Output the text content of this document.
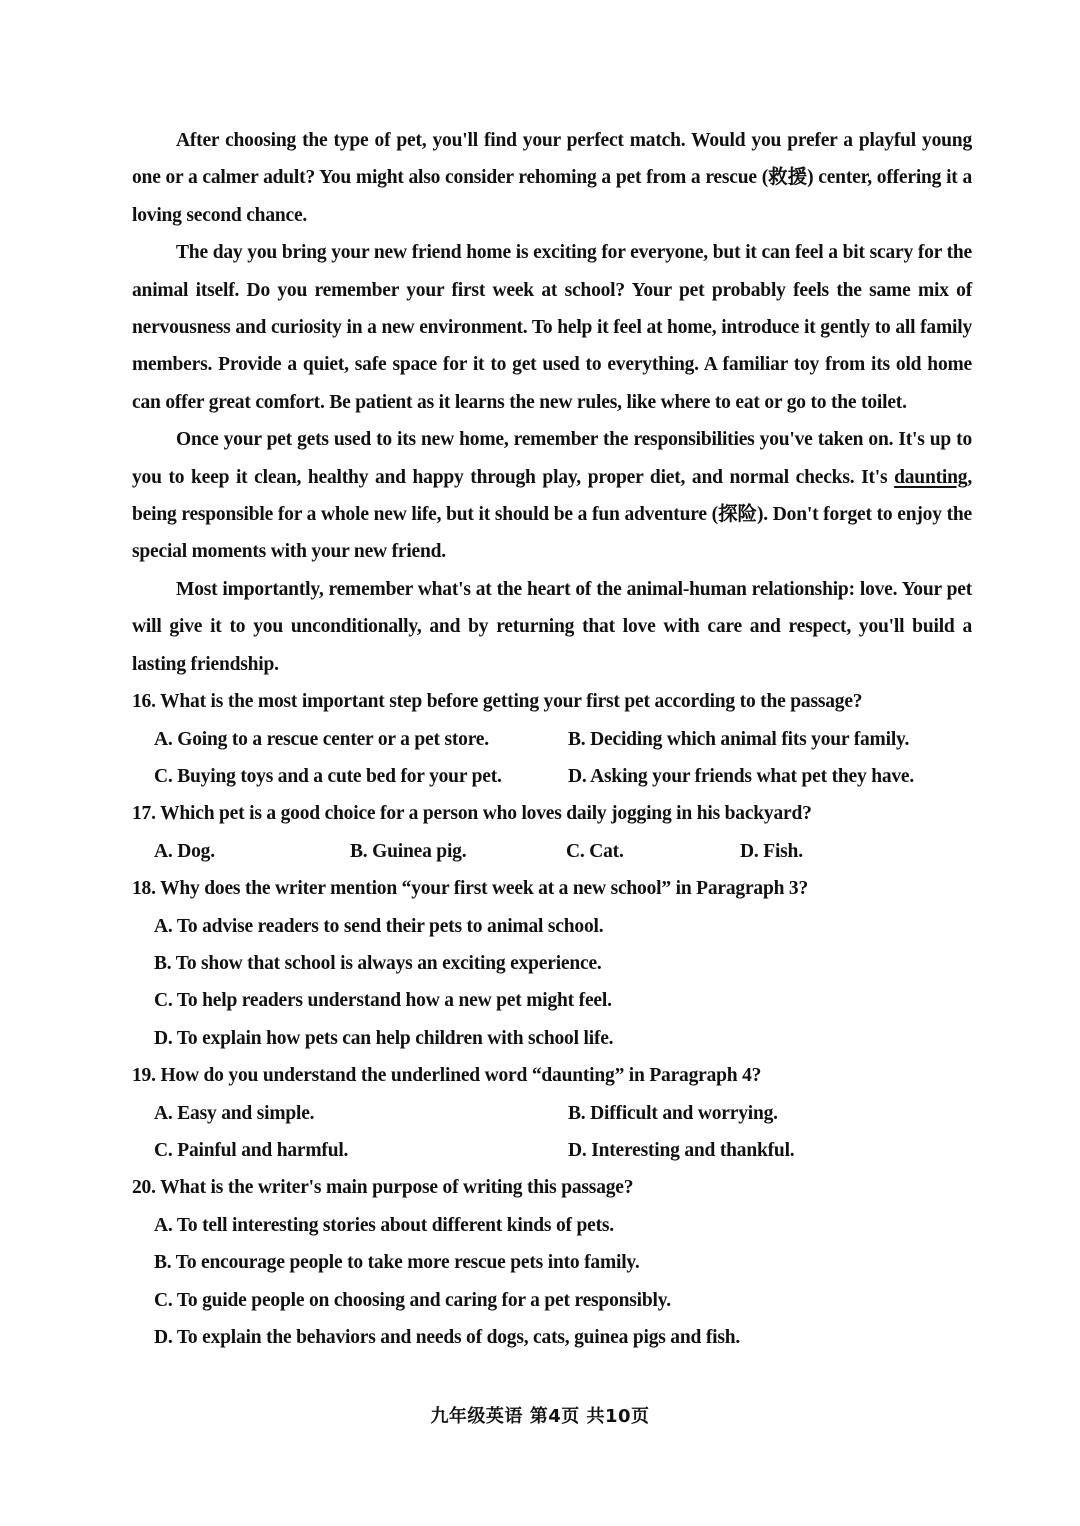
After choosing the type of pet, you'll find your perfect match. Would you prefer a playful young one or a calmer adult? You might also consider rehoming a pet from a rescue (救援) center, offering it a loving second chance.

The day you bring your new friend home is exciting for everyone, but it can feel a bit scary for the animal itself. Do you remember your first week at school? Your pet probably feels the same mix of nervousness and curiosity in a new environment. To help it feel at home, introduce it gently to all family members. Provide a quiet, safe space for it to get used to everything. A familiar toy from its old home can offer great comfort. Be patient as it learns the new rules, like where to eat or go to the toilet.

Once your pet gets used to its new home, remember the responsibilities you've taken on. It's up to you to keep it clean, healthy and happy through play, proper diet, and normal checks. It's daunting, being responsible for a whole new life, but it should be a fun adventure (探险). Don't forget to enjoy the special moments with your new friend.

Most importantly, remember what's at the heart of the animal-human relationship: love. Your pet will give it to you unconditionally, and by returning that love with care and respect, you'll build a lasting friendship.

16. What is the most important step before getting your first pet according to the passage?

A. Going to a rescue center or a pet store.	B. Deciding which animal fits your family.
C. Buying toys and a cute bed for your pet.	D. Asking your friends what pet they have.

17. Which pet is a good choice for a person who loves daily jogging in his backyard?

A. Dog.	B. Guinea pig.	C. Cat.	D. Fish.

18. Why does the writer mention “your first week at a new school” in Paragraph 3?

A. To advise readers to send their pets to animal school.

B. To show that school is always an exciting experience.

C. To help readers understand how a new pet might feel.

D. To explain how pets can help children with school life.

19. How do you understand the underlined word “daunting” in Paragraph 4?

A. Easy and simple.	B. Difficult and worrying.
C. Painful and harmful.	D. Interesting and thankful.

20. What is the writer's main purpose of writing this passage?

A. To tell interesting stories about different kinds of pets.

B. To encourage people to take more rescue pets into family.

C. To guide people on choosing and caring for a pet responsibly.

D. To explain the behaviors and needs of dogs, cats, guinea pigs and fish.

九年级英语 第4页 共10页
